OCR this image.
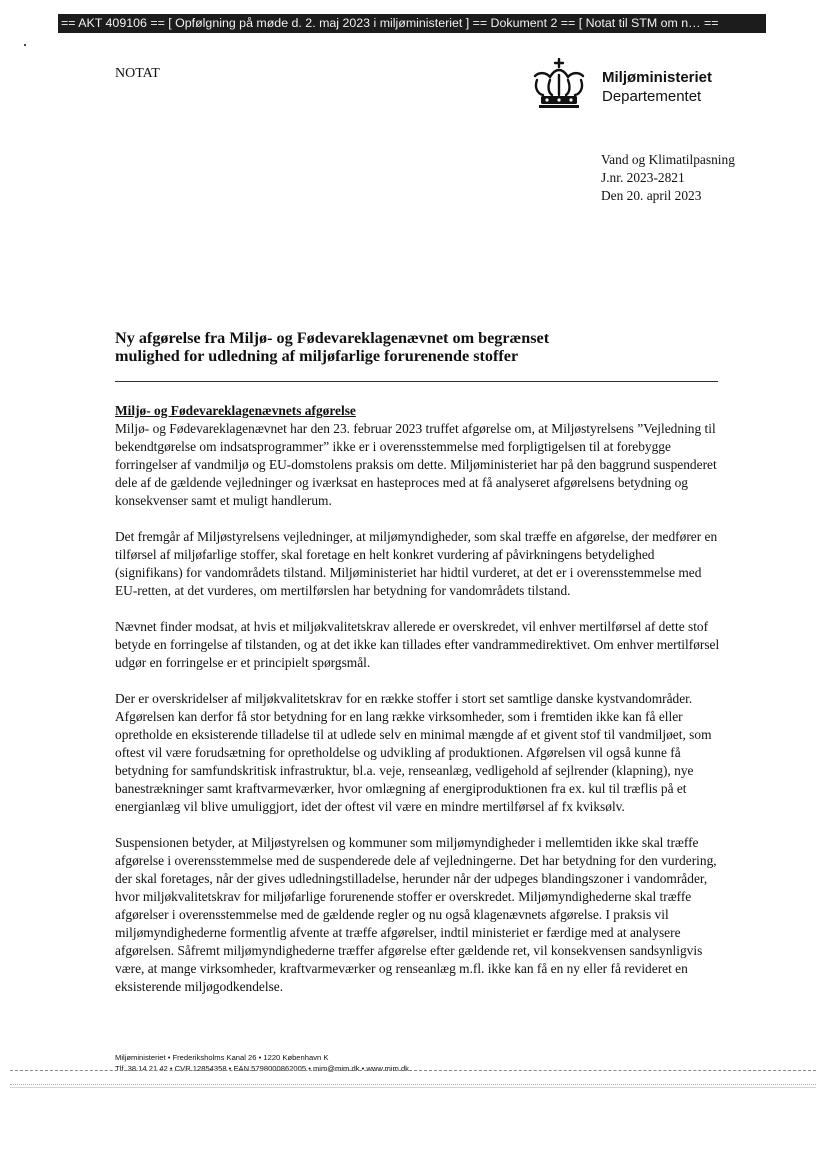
== AKT 409106 == [ Opfølgning på møde d. 2. maj 2023 i miljøministeriet ] == Dokument 2 == [ Notat til STM om n… ==
NOTAT	Miljøministeriet
Departementet
Vand og Klimatilpasning
J.nr. 2023-2821
Den 20. april 2023
Ny afgørelse fra Miljø- og Fødevareklagenævnet om begrænset
mulighed for udledning af miljøfarlige forurenende stoffer
Miljø- og Fødevareklagenævnets afgørelse

Miljø- og Fødevareklagenævnet har den 23. februar 2023 truffet afgørelse om, at Miljøstyrelsens ”Vejledning til bekendtgørelse om indsatsprogrammer” ikke er i overensstemmelse med forpligtigelsen til at forebygge forringelser af vandmiljø og EU-domstolens praksis om dette. Miljøministeriet har på den baggrund suspenderet dele af de gældende vejledninger og iværksat en hasteproces med at få analyseret afgørelsens betydning og konsekvenser samt et muligt handlerum.

Det fremgår af Miljøstyrelsens vejledninger, at miljømyndigheder, som skal træffe en afgørelse, der medfører en tilførsel af miljøfarlige stoffer, skal foretage en helt konkret vurdering af påvirkningens betydelighed (signifikans) for vandområdets tilstand. Miljøministeriet har hidtil vurderet, at det er i overensstemmelse med EU-retten, at det vurderes, om mertilførslen har betydning for vandområdets tilstand.

Nævnet finder modsat, at hvis et miljøkvalitetskrav allerede er overskredet, vil enhver mertilførsel af dette stof betyde en forringelse af tilstanden, og at det ikke kan tillades efter vandrammedirektivet. Om enhver mertilførsel udgør en forringelse er et principielt spørgsmål.

Der er overskridelser af miljøkvalitetskrav for en række stoffer i stort set samtlige danske kystvandområder. Afgørelsen kan derfor få stor betydning for en lang række virksomheder, som i fremtiden ikke kan få eller opretholde en eksisterende tilladelse til at udlede selv en minimal mængde af et givent stof til vandmiljøet, som oftest vil være forudsætning for opretholdelse og udvikling af produktionen. Afgørelsen vil også kunne få betydning for samfundskritisk infrastruktur, bl.a. veje, renseanlæg, vedligehold af sejlrender (klapning), nye banestrækninger samt kraftvarmeværker, hvor omlægning af energiproduktionen fra ex. kul til træflis på et energianlæg vil blive umuliggjort, idet der oftest vil være en mindre mertilførsel af fx kviksølv.

Suspensionen betyder, at Miljøstyrelsen og kommuner som miljømyndigheder i mellemtiden ikke skal træffe afgørelse i overensstemmelse med de suspenderede dele af vejledningerne. Det har betydning for den vurdering, der skal foretages, når der gives udledningstilladelse, herunder når der udpeges blandingszoner i vandområder, hvor miljøkvalitetskrav for miljøfarlige forurenende stoffer er overskredet. Miljømyndighederne skal træffe afgørelser i overensstemmelse med de gældende regler og nu også klagenævnets afgørelse. I praksis vil miljømyndighederne formentlig afvente at træffe afgørelser, indtil ministeriet er færdige med at analysere afgørelsen. Såfremt miljømyndighederne træffer afgørelse efter gældende ret, vil konsekvensen sandsynligvis være, at mange virksomheder, kraftvarmeværker og renseanlæg m.fl. ikke kan få en ny eller få revideret en eksisterende miljøgodkendelse.

Miljøministeriet • Frederiksholms Kanal 26 • 1220 København K
Tlf. 38 14 21 42 • CVR 12854358 • EAN 5798000862005 • mim@mim.dk • www.mim.dk
